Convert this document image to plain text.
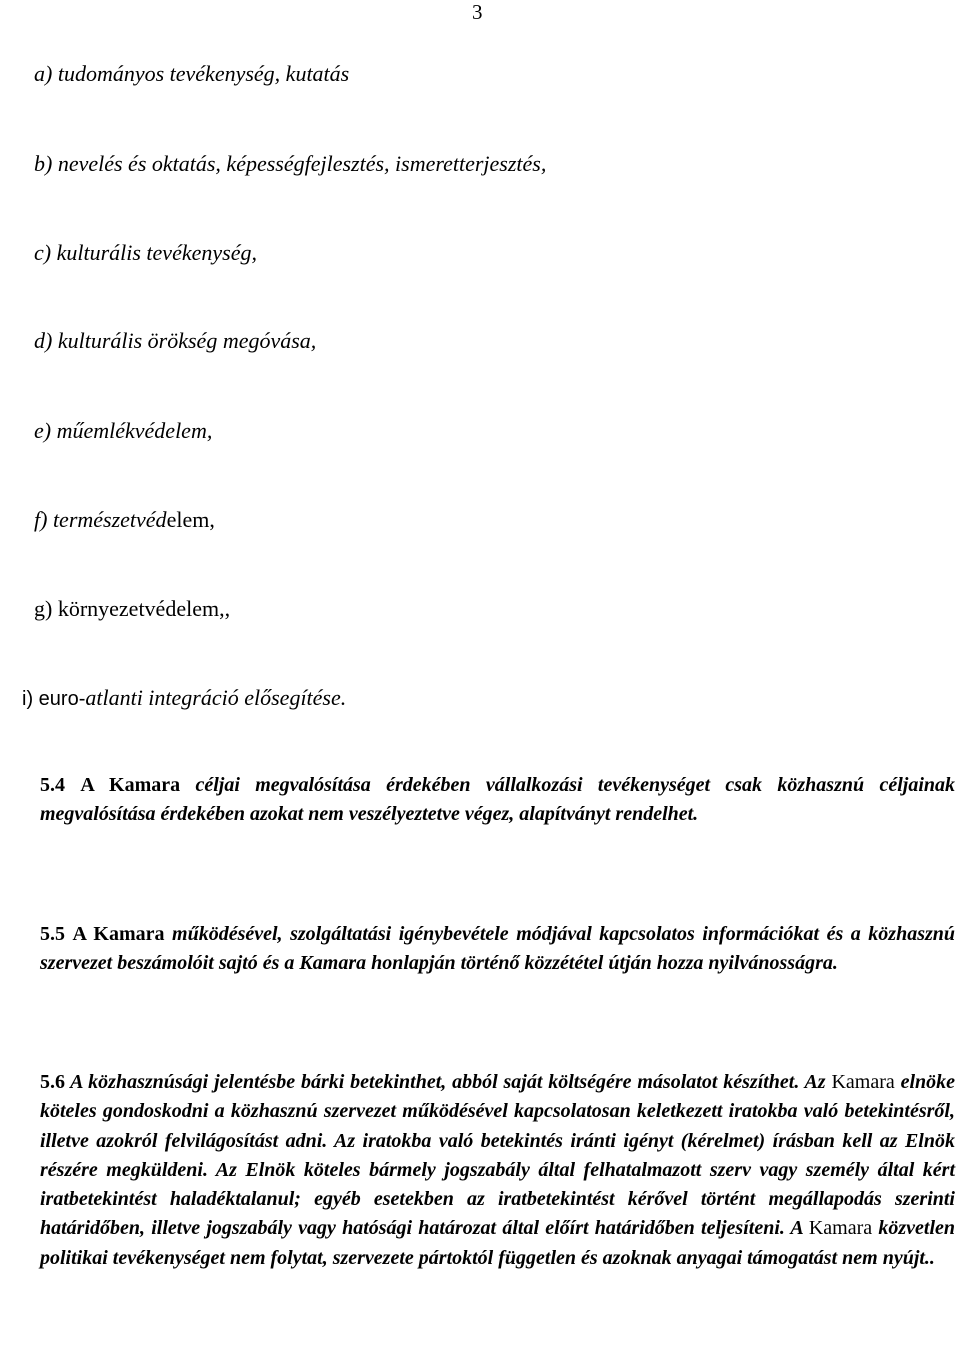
3
a) tudományos tevékenység, kutatás
b) nevelés és oktatás, képességfejlesztés, ismeretterjesztés,
c) kulturális tevékenység,
d) kulturális örökség megóvása,
e) műemlékvédelem,
f) természetvédelem,
g) környezetvédelem,,
i) euro-atlanti integráció elősegítése.
5.4 A Kamara céljai megvalósítása érdekében vállalkozási tevékenységet csak közhasznú céljainak megvalósítása érdekében azokat nem veszélyeztetve végez, alapítványt rendelhet.
5.5 A Kamara működésével, szolgáltatási igénybevétele módjával kapcsolatos információkat és a közhasznú szervezet beszámolóit sajtó és a Kamara honlapján történő közzététel útján hozza nyilvánosságra.
5.6 A közhasznúsági jelentésbe bárki betekinthet, abból saját költségére másolatot készíthet. Az Kamara elnöke köteles gondoskodni a közhasznú szervezet működésével kapcsolatosan keletkezett iratokba való betekintésről, illetve azokról felvilágosítást adni. Az iratokba való betekintés iránti igényt (kérelmet) írásban kell az Elnök részére megküldeni. Az Elnök köteles bármely jogszabály által felhatalmazott szerv vagy személy által kért iratbetekintést haladéktalanul; egyéb esetekben az iratbetekintést kérővel történt megállapodás szerinti határidőben, illetve jogszabály vagy hatósági határozat által előírt határidőben teljesíteni. A Kamara közvetlen politikai tevékenységet nem folytat, szervezete pártoktól független és azoknak anyagai támogatást nem nyújt..
